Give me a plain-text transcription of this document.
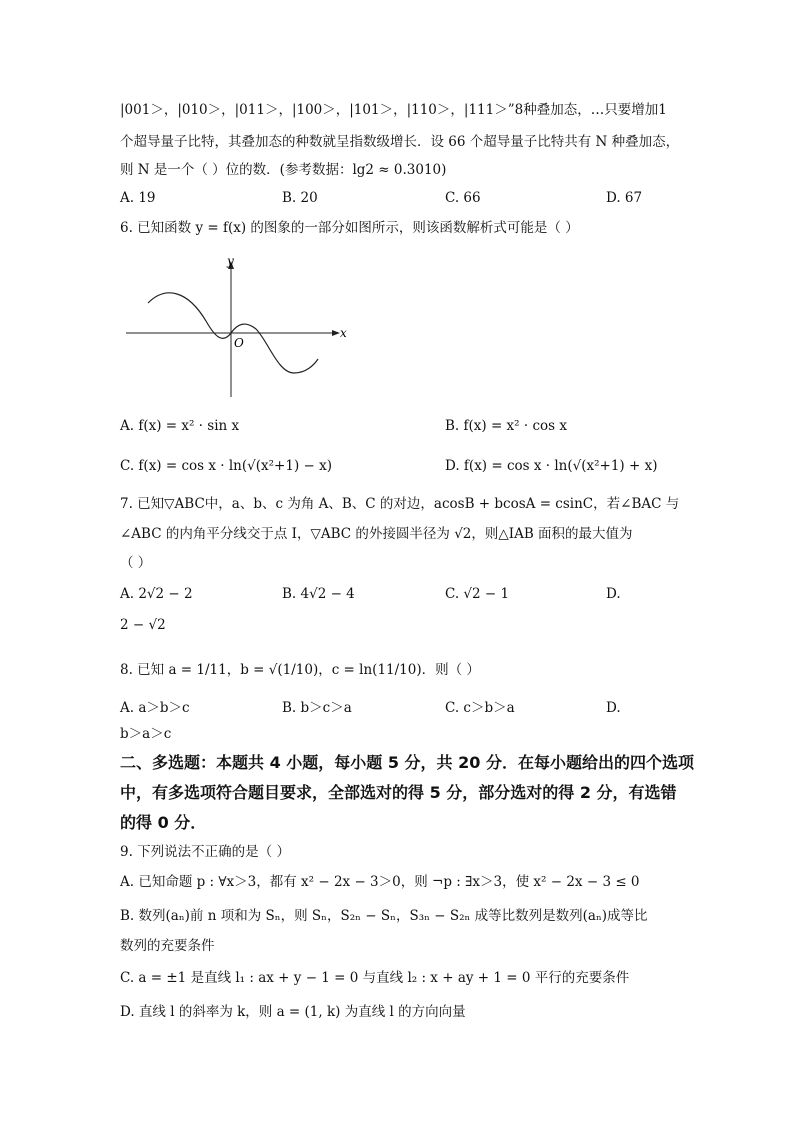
|001＞，|010＞，|011＞，|100＞，|101＞，|110＞，|111＞”8种叠加态，…只要增加1
个超导量子比特，其叠加态的种数就呈指数级增长．设 66 个超导量子比特共有 N 种叠加态，
则 N 是一个（ ）位的数．(参考数据：lg2 ≈ 0.3010)
A. 19	B. 20	C. 66	D. 67
6. 已知函数 y = f(x) 的图象的一部分如图所示，则该函数解析式可能是（ ）
x
y
O
A. f(x) = x² · sin x	B. f(x) = x² · cos x
C. f(x) = cos x · ln(√(x²+1) − x)	D. f(x) = cos x · ln(√(x²+1) + x)
7. 已知▽ABC中，a、b、c 为角 A、B、C 的对边，acosB + bcosA = csinC，若∠BAC 与
∠ABC 的内角平分线交于点 I，▽ABC 的外接圆半径为 √2，则△IAB 面积的最大值为
（ ）
A. 2√2 − 2	B. 4√2 − 4	C. √2 − 1	D.
2 − √2
8. 已知 a = 1/11，b = √(1/10)，c = ln(11/10)．则（ ）
A. a＞b＞c	B. b＞c＞a	C. c＞b＞a	D.
b＞a＞c
二、多选题：本题共 4 小题，每小题 5 分，共 20 分．在每小题给出的四个选项
中，有多选项符合题目要求，全部选对的得 5 分，部分选对的得 2 分，有选错
的得 0 分．
9. 下列说法不正确的是（ ）
A. 已知命题 p : ∀x＞3，都有 x² − 2x − 3＞0，则 ¬p : ∃x＞3，使 x² − 2x − 3 ≤ 0
B. 数列(aₙ)前 n 项和为 Sₙ，则 Sₙ，S₂ₙ − Sₙ，S₃ₙ − S₂ₙ 成等比数列是数列(aₙ)成等比
数列的充要条件
C. a = ±1 是直线 l₁ : ax + y − 1 = 0 与直线 l₂ : x + ay + 1 = 0 平行的充要条件
D. 直线 l 的斜率为 k，则 a = (1, k) 为直线 l 的方向向量
